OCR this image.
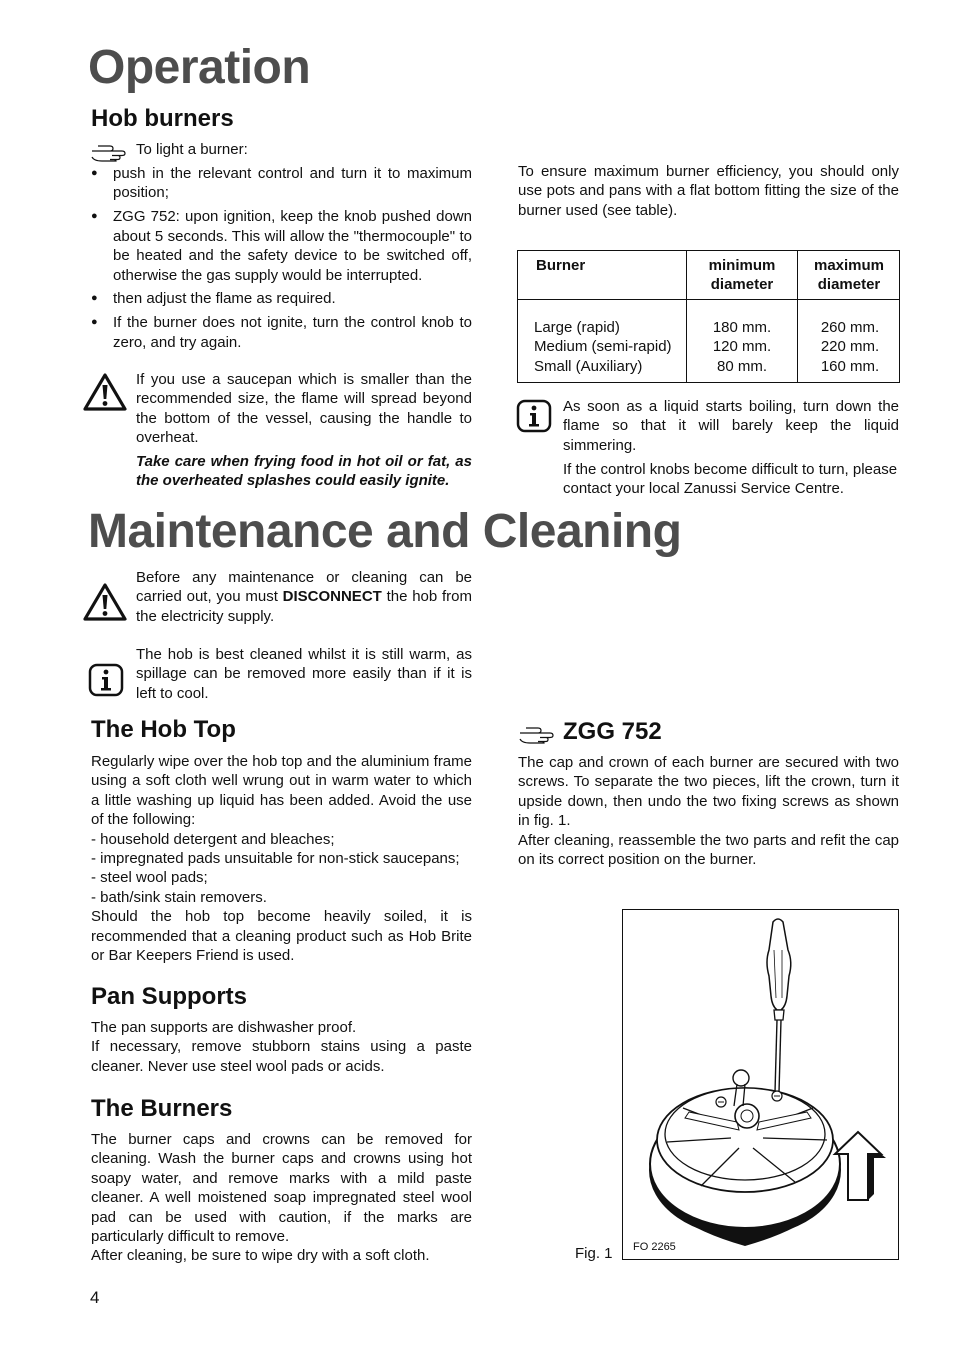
Operation
Hob burners
To light a burner:
● push in the relevant control and turn it to maximum position;
● ZGG 752: upon ignition, keep the knob pushed down about 5 seconds. This will allow the "thermocouple" to be heated and the safety device to be switched off, otherwise the gas supply would be interrupted.
● then adjust the flame as required.
● If the burner does not ignite, turn the control knob to zero, and try again.
If you use a saucepan which is smaller than the recommended size, the flame will spread beyond the bottom of the vessel, causing the handle to overheat.
Take care when frying food in hot oil or fat, as the overheated splashes could easily ignite.
To ensure maximum burner efficiency, you should only use pots and pans with a flat bottom fitting the size of the burner used (see table).
Burner	minimum
diameter
maximum
diameter
Large (rapid)
Medium (semi-rapid)
Small (Auxiliary)
180 mm.
120 mm.
80 mm.
260 mm.
220 mm.
160 mm.
As soon as a liquid starts boiling, turn down the flame so that it will barely keep the liquid simmering.
If the control knobs become difficult to turn, please contact your local Zanussi Service Centre.
Maintenance and Cleaning
Before any maintenance or cleaning can be carried out, you must DISCONNECT the hob from the electricity supply.
The hob is best cleaned whilst it is still warm, as spillage can be removed more easily than if it is left to cool.
The Hob Top

Regularly wipe over the hob top and the aluminium frame using a soft cloth well wrung out in warm water to which a little washing up liquid has been added. Avoid the use of the following:

- household detergent and bleaches;
- impregnated pads unsuitable for non-stick saucepans;
- steel wool pads;
- bath/sink stain removers.

Should the hob top become heavily soiled, it is recommended that a cleaning product such as Hob Brite or Bar Keepers Friend is used.

Pan Supports

The pan supports are dishwasher proof.

If necessary, remove stubborn stains using a paste cleaner. Never use steel wool pads or acids.

The Burners

The burner caps and crowns can be removed for cleaning. Wash the burner caps and crowns using hot soapy water, and remove marks with a mild paste cleaner. A well moistened soap impregnated steel wool pad can be used with caution, if the marks are particularly difficult to remove.

After cleaning, be sure to wipe dry with a soft cloth.

ZGG 752

The cap and crown of each burner are secured with two screws. To separate the two pieces, lift the crown, turn it upside down, then undo the two fixing screws as shown in fig. 1.

After cleaning, reassemble the two parts and refit the cap on its correct position on the burner.

FO 2265
Fig. 1
4
